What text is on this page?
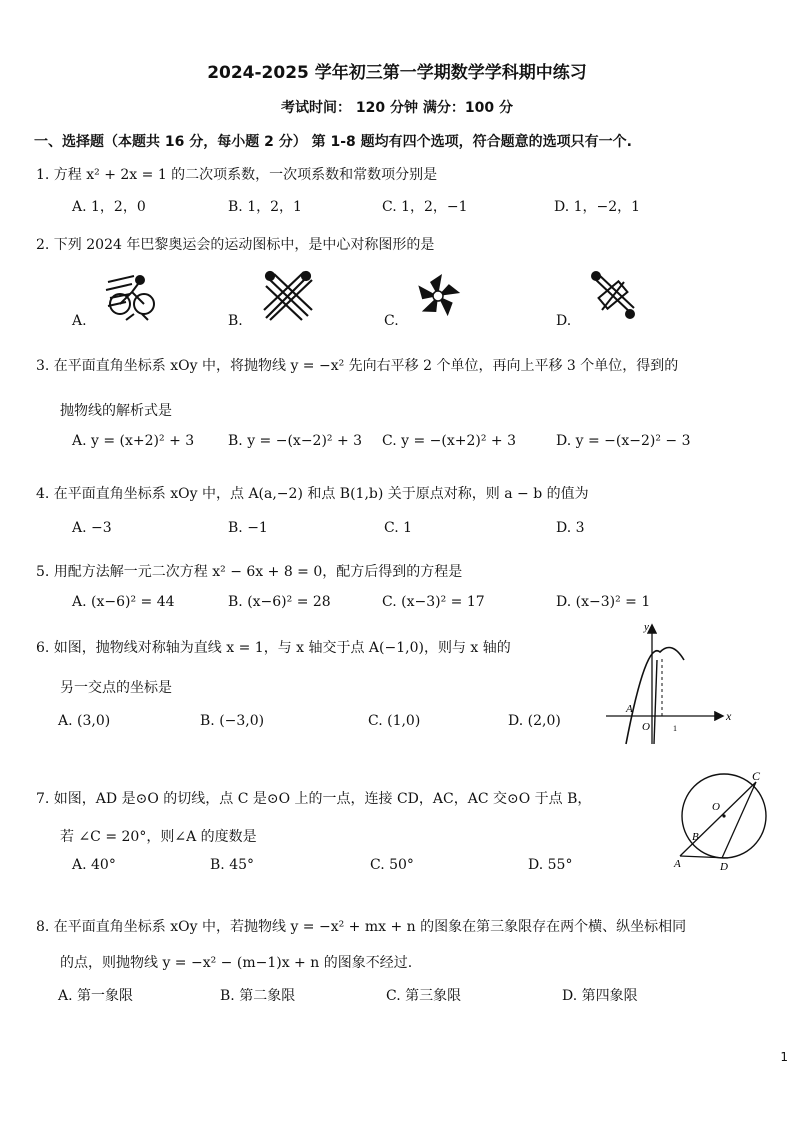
2024-2025 学年初三第一学期数学学科期中练习
考试时间： 120 分钟 满分：100 分
一、选择题（本题共 16 分，每小题 2 分） 第 1-8 题均有四个选项，符合题意的选项只有一个.
1. 方程 x² + 2x = 1 的二次项系数，一次项系数和常数项分别是
A. 1，2，0	B. 1，2，1	C. 1，2，−1	D. 1，−2，1
2. 下列 2024 年巴黎奥运会的运动图标中，是中心对称图形的是
A.	B.	C.	D.
3. 在平面直角坐标系 xOy 中，将抛物线 y = −x² 先向右平移 2 个单位，再向上平移 3 个单位，得到的
抛物线的解析式是
A. y = (x+2)² + 3 B. y = −(x−2)² + 3 C. y = −(x+2)² + 3	D. y = −(x−2)² − 3
4. 在平面直角坐标系 xOy 中，点 A(a,−2) 和点 B(1,b) 关于原点对称，则 a − b 的值为
A. −3	B. −1	C. 1	D. 3
5. 用配方法解一元二次方程 x² − 6x + 8 = 0，配方后得到的方程是
A. (x−6)² = 44	B. (x−6)² = 28	C. (x−3)² = 17	D. (x−3)² = 1
6. 如图，抛物线对称轴为直线 x = 1，与 x 轴交于点 A(−1,0)，则与 x 轴的
另一交点的坐标是
A. (3,0)	B. (−3,0)	C. (1,0)	D. (2,0)
y
x
A
O	1
7. 如图，AD 是⊙O 的切线，点 C 是⊙O 上的一点，连接 CD，AC，AC 交⊙O 于点 B，
若 ∠C = 20°，则∠A 的度数是
A. 40°	B. 45°	C. 50°	D. 55°
C
O
B
A	D
8. 在平面直角坐标系 xOy 中，若抛物线 y = −x² + mx + n 的图象在第三象限存在两个横、纵坐标相同
的点，则抛物线 y = −x² − (m−1)x + n 的图象不经过.
A. 第一象限	B. 第二象限	C. 第三象限	D. 第四象限
1
